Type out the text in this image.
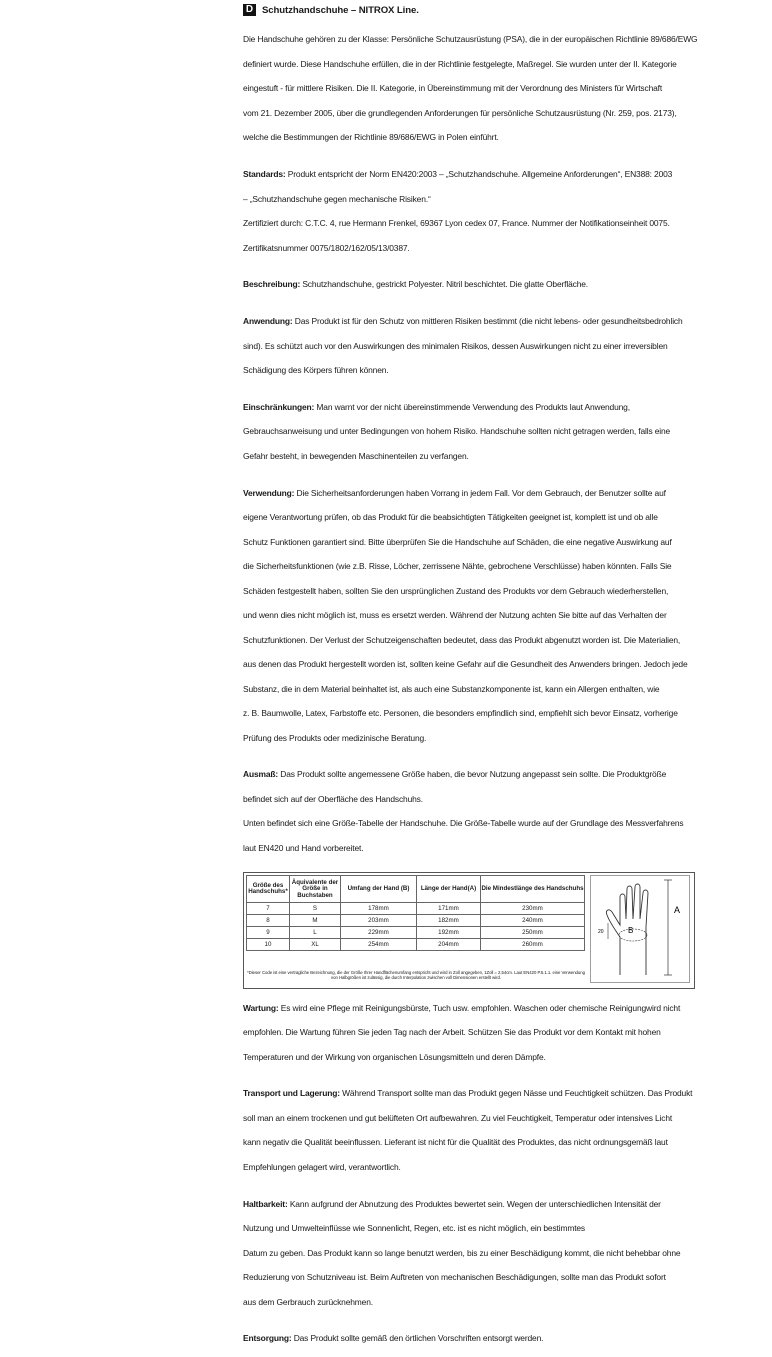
D Schutzhandschuhe – NITROX Line.

Die Handschuhe gehören zu der Klasse: Persönliche Schutzausrüstung (PSA), die in der europäischen Richtlinie 89/686/EWG

definiert wurde. Diese Handschuhe erfüllen, die in der Richtlinie festgelegte, Maßregel. Sie wurden unter der II. Kategorie

eingestuft - für mittlere Risiken. Die II. Kategorie, in Übereinstimmung mit der Verordnung des Ministers für Wirtschaft

vom 21. Dezember 2005, über die grundlegenden Anforderungen für persönliche Schutzausrüstung (Nr. 259, pos. 2173),

welche die Bestimmungen der Richtlinie 89/686/EWG in Polen einführt.

Standards: Produkt entspricht der Norm EN420:2003 – „Schutzhandschuhe. Allgemeine Anforderungen“, EN388: 2003

– „Schutzhandschuhe gegen mechanische Risiken.“

Zertifiziert durch: C.T.C. 4, rue Hermann Frenkel, 69367 Lyon cedex 07, France. Nummer der Notifikationseinheit 0075.

Zertifikatsnummer 0075/1802/162/05/13/0387.

Beschreibung: Schutzhandschuhe, gestrickt Polyester. Nitril beschichtet. Die glatte Oberfläche.

Anwendung: Das Produkt ist für den Schutz von mittleren Risiken bestimmt (die nicht lebens- oder gesundheitsbedrohlich

sind). Es schützt auch vor den Auswirkungen des minimalen Risikos, dessen Auswirkungen nicht zu einer irreversiblen

Schädigung des Körpers führen können.

Einschränkungen: Man warnt vor der nicht übereinstimmende Verwendung des Produkts laut Anwendung,

Gebrauchsanweisung und unter Bedingungen von hohem Risiko. Handschuhe sollten nicht getragen werden, falls eine

Gefahr besteht, in bewegenden Maschinenteilen zu verfangen.

Verwendung: Die Sicherheitsanforderungen haben Vorrang in jedem Fall. Vor dem Gebrauch, der Benutzer sollte auf

eigene Verantwortung prüfen, ob das Produkt für die beabsichtigten Tätigkeiten geeignet ist, komplett ist und ob alle

Schutz Funktionen garantiert sind. Bitte überprüfen Sie die Handschuhe auf Schäden, die eine negative Auswirkung auf

die Sicherheitsfunktionen (wie z.B. Risse, Löcher, zerrissene Nähte, gebrochene Verschlüsse) haben könnten. Falls Sie

Schäden festgestellt haben, sollten Sie den ursprünglichen Zustand des Produkts vor dem Gebrauch wiederherstellen,

und wenn dies nicht möglich ist, muss es ersetzt werden. Während der Nutzung achten Sie bitte auf das Verhalten der

Schutzfunktionen. Der Verlust der Schutzeigenschaften bedeutet, dass das Produkt abgenutzt worden ist. Die Materialien,

aus denen das Produkt hergestellt worden ist, sollten keine Gefahr auf die Gesundheit des Anwenders bringen. Jedoch jede

Substanz, die in dem Material beinhaltet ist, als auch eine Substanzkomponente ist, kann ein Allergen enthalten, wie

z. B. Baumwolle, Latex, Farbstoffe etc. Personen, die besonders empfindlich sind, empfiehlt sich bevor Einsatz, vorherige

Prüfung des Produkts oder medizinische Beratung.

Ausmaß: Das Produkt sollte angemessene Größe haben, die bevor Nutzung angepasst sein sollte. Die Produktgröße

befindet sich auf der Oberfläche des Handschuhs.

Unten befindet sich eine Größe-Tabelle der Handschuhe. Die Größe-Tabelle wurde auf der Grundlage des Messverfahrens

laut EN420 und Hand vorbereitet.

Größe des Handschuhs*	Äquivalente der Größe in Buchstaben	Umfang der Hand (B)	Länge der Hand(A)	Die Mindestlänge des Handschuhs
7	S	178mm	171mm	230mm
8	M	203mm	182mm	240mm
9	L	229mm	192mm	250mm
10	XL	254mm	204mm	260mm
*Dieser Code ist eine vertragliche Bezeichnung, die der Größe Ihrer Handflächenumfang entspricht und wird in Zoll angegeben, 1Zoll = 2,54cm. Laut EN420 P.5.1.1. eine Verwendung von Halbgrößen ist zulässig, die durch Interpolation zwischen voll Dimensionen erstellt wird.
A
B
20

Wartung: Es wird eine Pflege mit Reinigungsbürste, Tuch usw. empfohlen. Waschen oder chemische Reinigungwird nicht

empfohlen. Die Wartung führen Sie jeden Tag nach der Arbeit. Schützen Sie das Produkt vor dem Kontakt mit hohen

Temperaturen und der Wirkung von organischen Lösungsmitteln und deren Dämpfe.

Transport und Lagerung: Während Transport sollte man das Produkt gegen Nässe und Feuchtigkeit schützen. Das Produkt

soll man an einem trockenen und gut belüfteten Ort aufbewahren. Zu viel Feuchtigkeit, Temperatur oder intensives Licht

kann negativ die Qualität beeinflussen. Lieferant ist nicht für die Qualität des Produktes, das nicht ordnungsgemäß laut

Empfehlungen gelagert wird, verantwortlich.

Haltbarkeit: Kann aufgrund der Abnutzung des Produktes bewertet sein. Wegen der unterschiedlichen Intensität der

Nutzung und Umwelteinflüsse wie Sonnenlicht, Regen, etc. ist es nicht möglich, ein bestimmtes

Datum zu geben. Das Produkt kann so lange benutzt werden, bis zu einer Beschädigung kommt, die nicht behebbar ohne

Reduzierung von Schutzniveau ist. Beim Auftreten von mechanischen Beschädigungen, sollte man das Produkt sofort

aus dem Gerbrauch zurücknehmen.

Entsorgung: Das Produkt sollte gemäß den örtlichen Vorschriften entsorgt werden.
